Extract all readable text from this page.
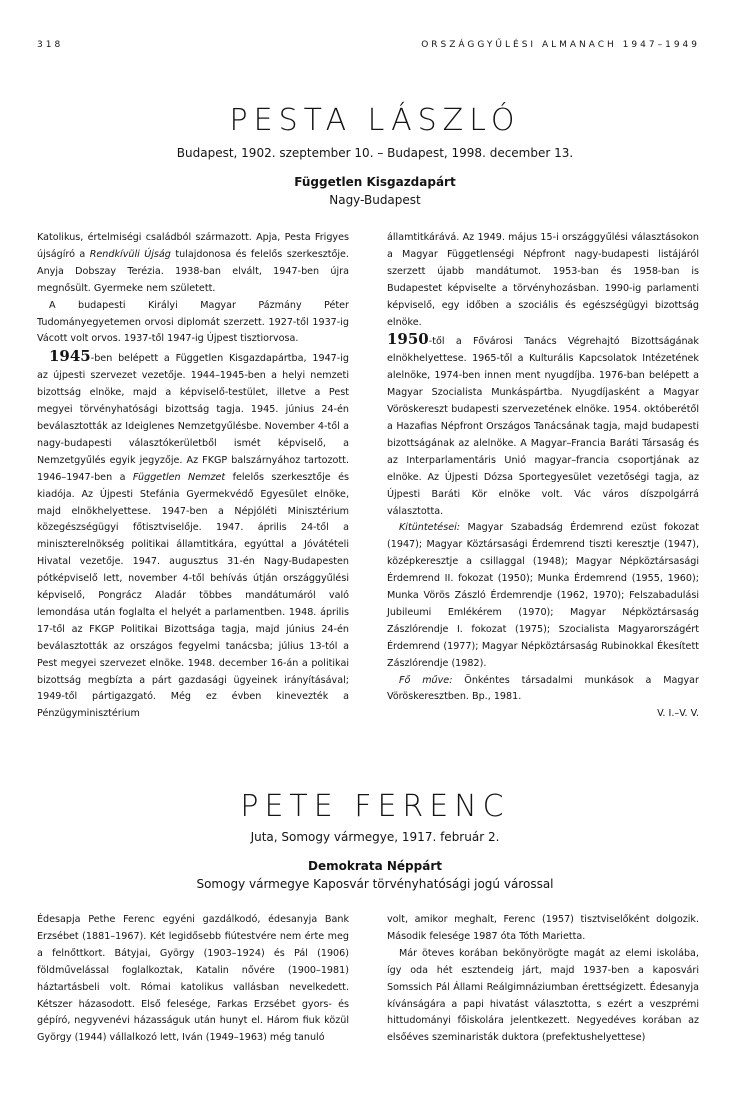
318	ORSZÁGGYŰLÉSI ALMANACH 1947–1949
PESTA LÁSZLÓ
Budapest, 1902. szeptember 10. – Budapest, 1998. december 13.
Független Kisgazdapárt
Nagy-Budapest

Katolikus, értelmiségi családból származott. Apja, Pesta Frigyes újságíró a Rendkívüli Újság tulajdonosa és felelős szerkesztője. Anyja Dobszay Terézia. 1938-ban elvált, 1947-ben újra megnősült. Gyermeke nem született.

A budapesti Királyi Magyar Pázmány Péter Tudományegyetemen orvosi diplomát szerzett. 1927-től 1937-ig Vácott volt orvos. 1937-től 1947-ig Újpest tisztiorvosa.

1945-ben belépett a Független Kisgazdapártba, 1947-ig az újpesti szervezet vezetője. 1944–1945-ben a helyi nemzeti bizottság elnöke, majd a képviselő-testület, illetve a Pest megyei törvényhatósági bizottság tagja. 1945. június 24-én beválasztották az Ideiglenes Nemzetgyűlésbe. November 4-től a nagy-budapesti választókerületből ismét képviselő, a Nemzetgyűlés egyik jegyzője. Az FKGP balszárnyához tartozott. 1946–1947-ben a Független Nemzet felelős szerkesztője és kiadója. Az Újpesti Stefánia Gyermekvédő Egyesület elnöke, majd elnökhelyettese. 1947-ben a Népjóléti Minisztérium közegészségügyi főtisztviselője. 1947. április 24-től a miniszterelnökség politikai államtitkára, egyúttal a Jóvátételi Hivatal vezetője. 1947. augusztus 31-én Nagy-Budapesten pótképviselő lett, november 4-től behívás útján országgyűlési képviselő, Pongrácz Aladár többes mandátumáról való lemondása után foglalta el helyét a parlamentben. 1948. április 17-től az FKGP Politikai Bizottsága tagja, majd június 24-én beválasztották az országos fegyelmi tanácsba; július 13-tól a Pest megyei szervezet elnöke. 1948. december 16-án a politikai bizottság megbízta a párt gazdasági ügyeinek irányításával; 1949-től pártigazgató. Még ez évben kinevezték a Pénzügyminisztérium

államtitkárává. Az 1949. május 15-i országgyűlési választásokon a Magyar Függetlenségi Népfront nagy-budapesti listájáról szerzett újabb mandátumot. 1953-ban és 1958-ban is Budapestet képviselte a törvényhozásban. 1990-ig parlamenti képviselő, egy időben a szociális és egészségügyi bizottság elnöke.

1950-től a Fővárosi Tanács Végrehajtó Bizottságának elnökhelyettese. 1965-től a Kulturális Kapcsolatok Intézetének alelnöke, 1974-ben innen ment nyugdíjba. 1976-ban belépett a Magyar Szocialista Munkáspártba. Nyugdíjasként a Magyar Vöröskereszt budapesti szervezetének elnöke. 1954. októberétől a Hazafias Népfront Országos Tanácsának tagja, majd budapesti bizottságának az alelnöke. A Magyar–Francia Baráti Társaság és az Interparlamentáris Unió magyar–francia csoportjának az elnöke. Az Újpesti Dózsa Sportegyesület vezetőségi tagja, az Újpesti Baráti Kör elnöke volt. Vác város díszpolgárrá választotta.

Kitüntetései: Magyar Szabadság Érdemrend ezüst fokozat (1947); Magyar Köztársasági Érdemrend tiszti keresztje (1947), középkeresztje a csillaggal (1948); Magyar Népköztársasági Érdemrend II. fokozat (1950); Munka Érdemrend (1955, 1960); Munka Vörös Zászló Érdemrendje (1962, 1970); Felszabadulási Jubileumi Emlékérem (1970); Magyar Népköztársaság Zászlórendje I. fokozat (1975); Szocialista Magyarországért Érdemrend (1977); Magyar Népköztársaság Rubinokkal Ékesített Zászlórendje (1982).

Fő műve: Önkéntes társadalmi munkások a Magyar Vöröskeresztben. Bp., 1981.

V. I.–V. V.

PETE FERENC
Juta, Somogy vármegye, 1917. február 2.
Demokrata Néppárt
Somogy vármegye Kaposvár törvényhatósági jogú várossal

Édesapja Pethe Ferenc egyéni gazdálkodó, édesanyja Bank Erzsébet (1881–1967). Két legidősebb fiútestvére nem érte meg a felnőttkort. Bátyjai, György (1903–1924) és Pál (1906) földművelással foglalkoztak, Katalin nővére (1900–1981) háztartásbeli volt. Római katolikus vallásban nevelkedett. Kétszer házasodott. Első felesége, Farkas Erzsébet gyors- és gépíró, negyvenévi házasságuk után hunyt el. Három fiuk közül György (1944) vállalkozó lett, Iván (1949–1963) még tanuló

volt, amikor meghalt, Ferenc (1957) tisztviselőként dolgozik. Második felesége 1987 óta Tóth Marietta.

Már öteves korában bekönyörögte magát az elemi iskolába, így oda hét esztendeig járt, majd 1937-ben a kaposvári Somssich Pál Állami Reálgimnáziumban érettségizett. Édesanyja kívánságára a papi hivatást választotta, s ezért a veszprémi hittudományi főiskolára jelentkezett. Negyedéves korában az elsőéves szeminaristák duktora (prefektushelyettese)
